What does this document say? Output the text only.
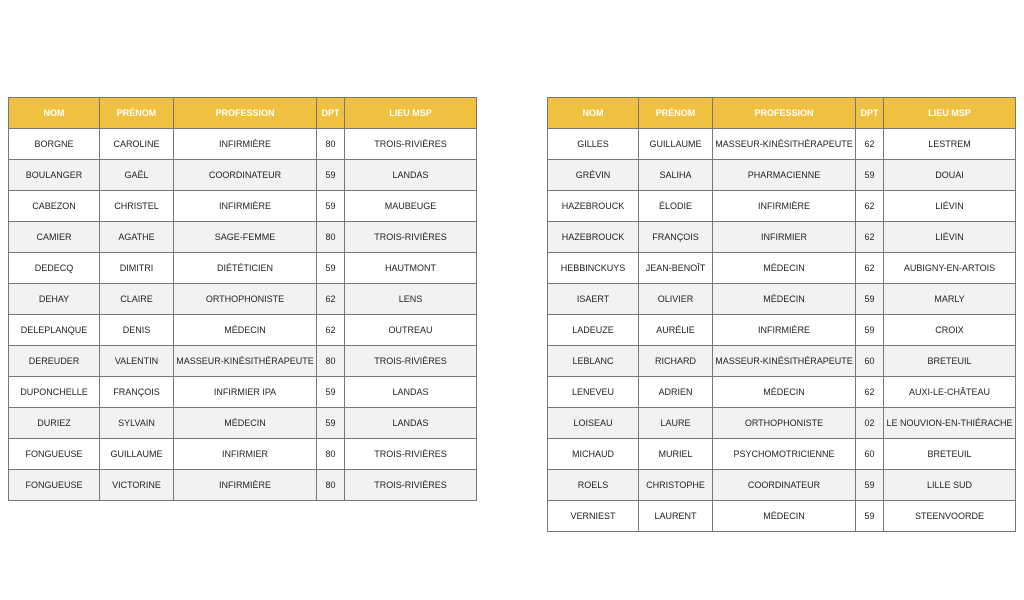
NOM	PRÉNOM	PROFESSION	DPT	LIEU MSP
BORGNE	CAROLINE	INFIRMIÈRE	80	TROIS-RIVIÈRES
BOULANGER	GAËL	COORDINATEUR	59	LANDAS
CABEZON	CHRISTEL	INFIRMIÈRE	59	MAUBEUGE
CAMIER	AGATHE	SAGE-FEMME	80	TROIS-RIVIÈRES
DEDECQ	DIMITRI	DIÉTÉTICIEN	59	HAUTMONT
DEHAY	CLAIRE	ORTHOPHONISTE	62	LENS
DELEPLANQUE	DENIS	MÉDECIN	62	OUTREAU
DEREUDER	VALENTIN	MASSEUR-KINÉSITHÉRAPEUTE	80	TROIS-RIVIÈRES
DUPONCHELLE	FRANÇOIS	INFIRMIER IPA	59	LANDAS
DURIEZ	SYLVAIN	MÉDECIN	59	LANDAS
FONGUEUSE	GUILLAUME	INFIRMIER	80	TROIS-RIVIÈRES
FONGUEUSE	VICTORINE	INFIRMIÈRE	80	TROIS-RIVIÈRES
NOM	PRÉNOM	PROFESSION	DPT	LIEU MSP
GILLES	GUILLAUME	MASSEUR-KINÉSITHÉRAPEUTE	62	LESTREM
GRÉVIN	SALIHA	PHARMACIENNE	59	DOUAI
HAZEBROUCK	ÉLODIE	INFIRMIÈRE	62	LIÉVIN
HAZEBROUCK	FRANÇOIS	INFIRMIER	62	LIÉVIN
HEBBINCKUYS	JEAN-BENOÎT	MÉDECIN	62	AUBIGNY-EN-ARTOIS
ISAERT	OLIVIER	MÉDECIN	59	MARLY
LADEUZE	AURÉLIE	INFIRMIÈRE	59	CROIX
LEBLANC	RICHARD	MASSEUR-KINÉSITHÉRAPEUTE	60	BRETEUIL
LENEVEU	ADRIEN	MÉDECIN	62	AUXI-LE-CHÂTEAU
LOISEAU	LAURE	ORTHOPHONISTE	02	LE NOUVION-EN-THIÉRACHE
MICHAUD	MURIEL	PSYCHOMOTRICIENNE	60	BRETEUIL
ROELS	CHRISTOPHE	COORDINATEUR	59	LILLE SUD
VERNIEST	LAURENT	MÉDECIN	59	STEENVOORDE
